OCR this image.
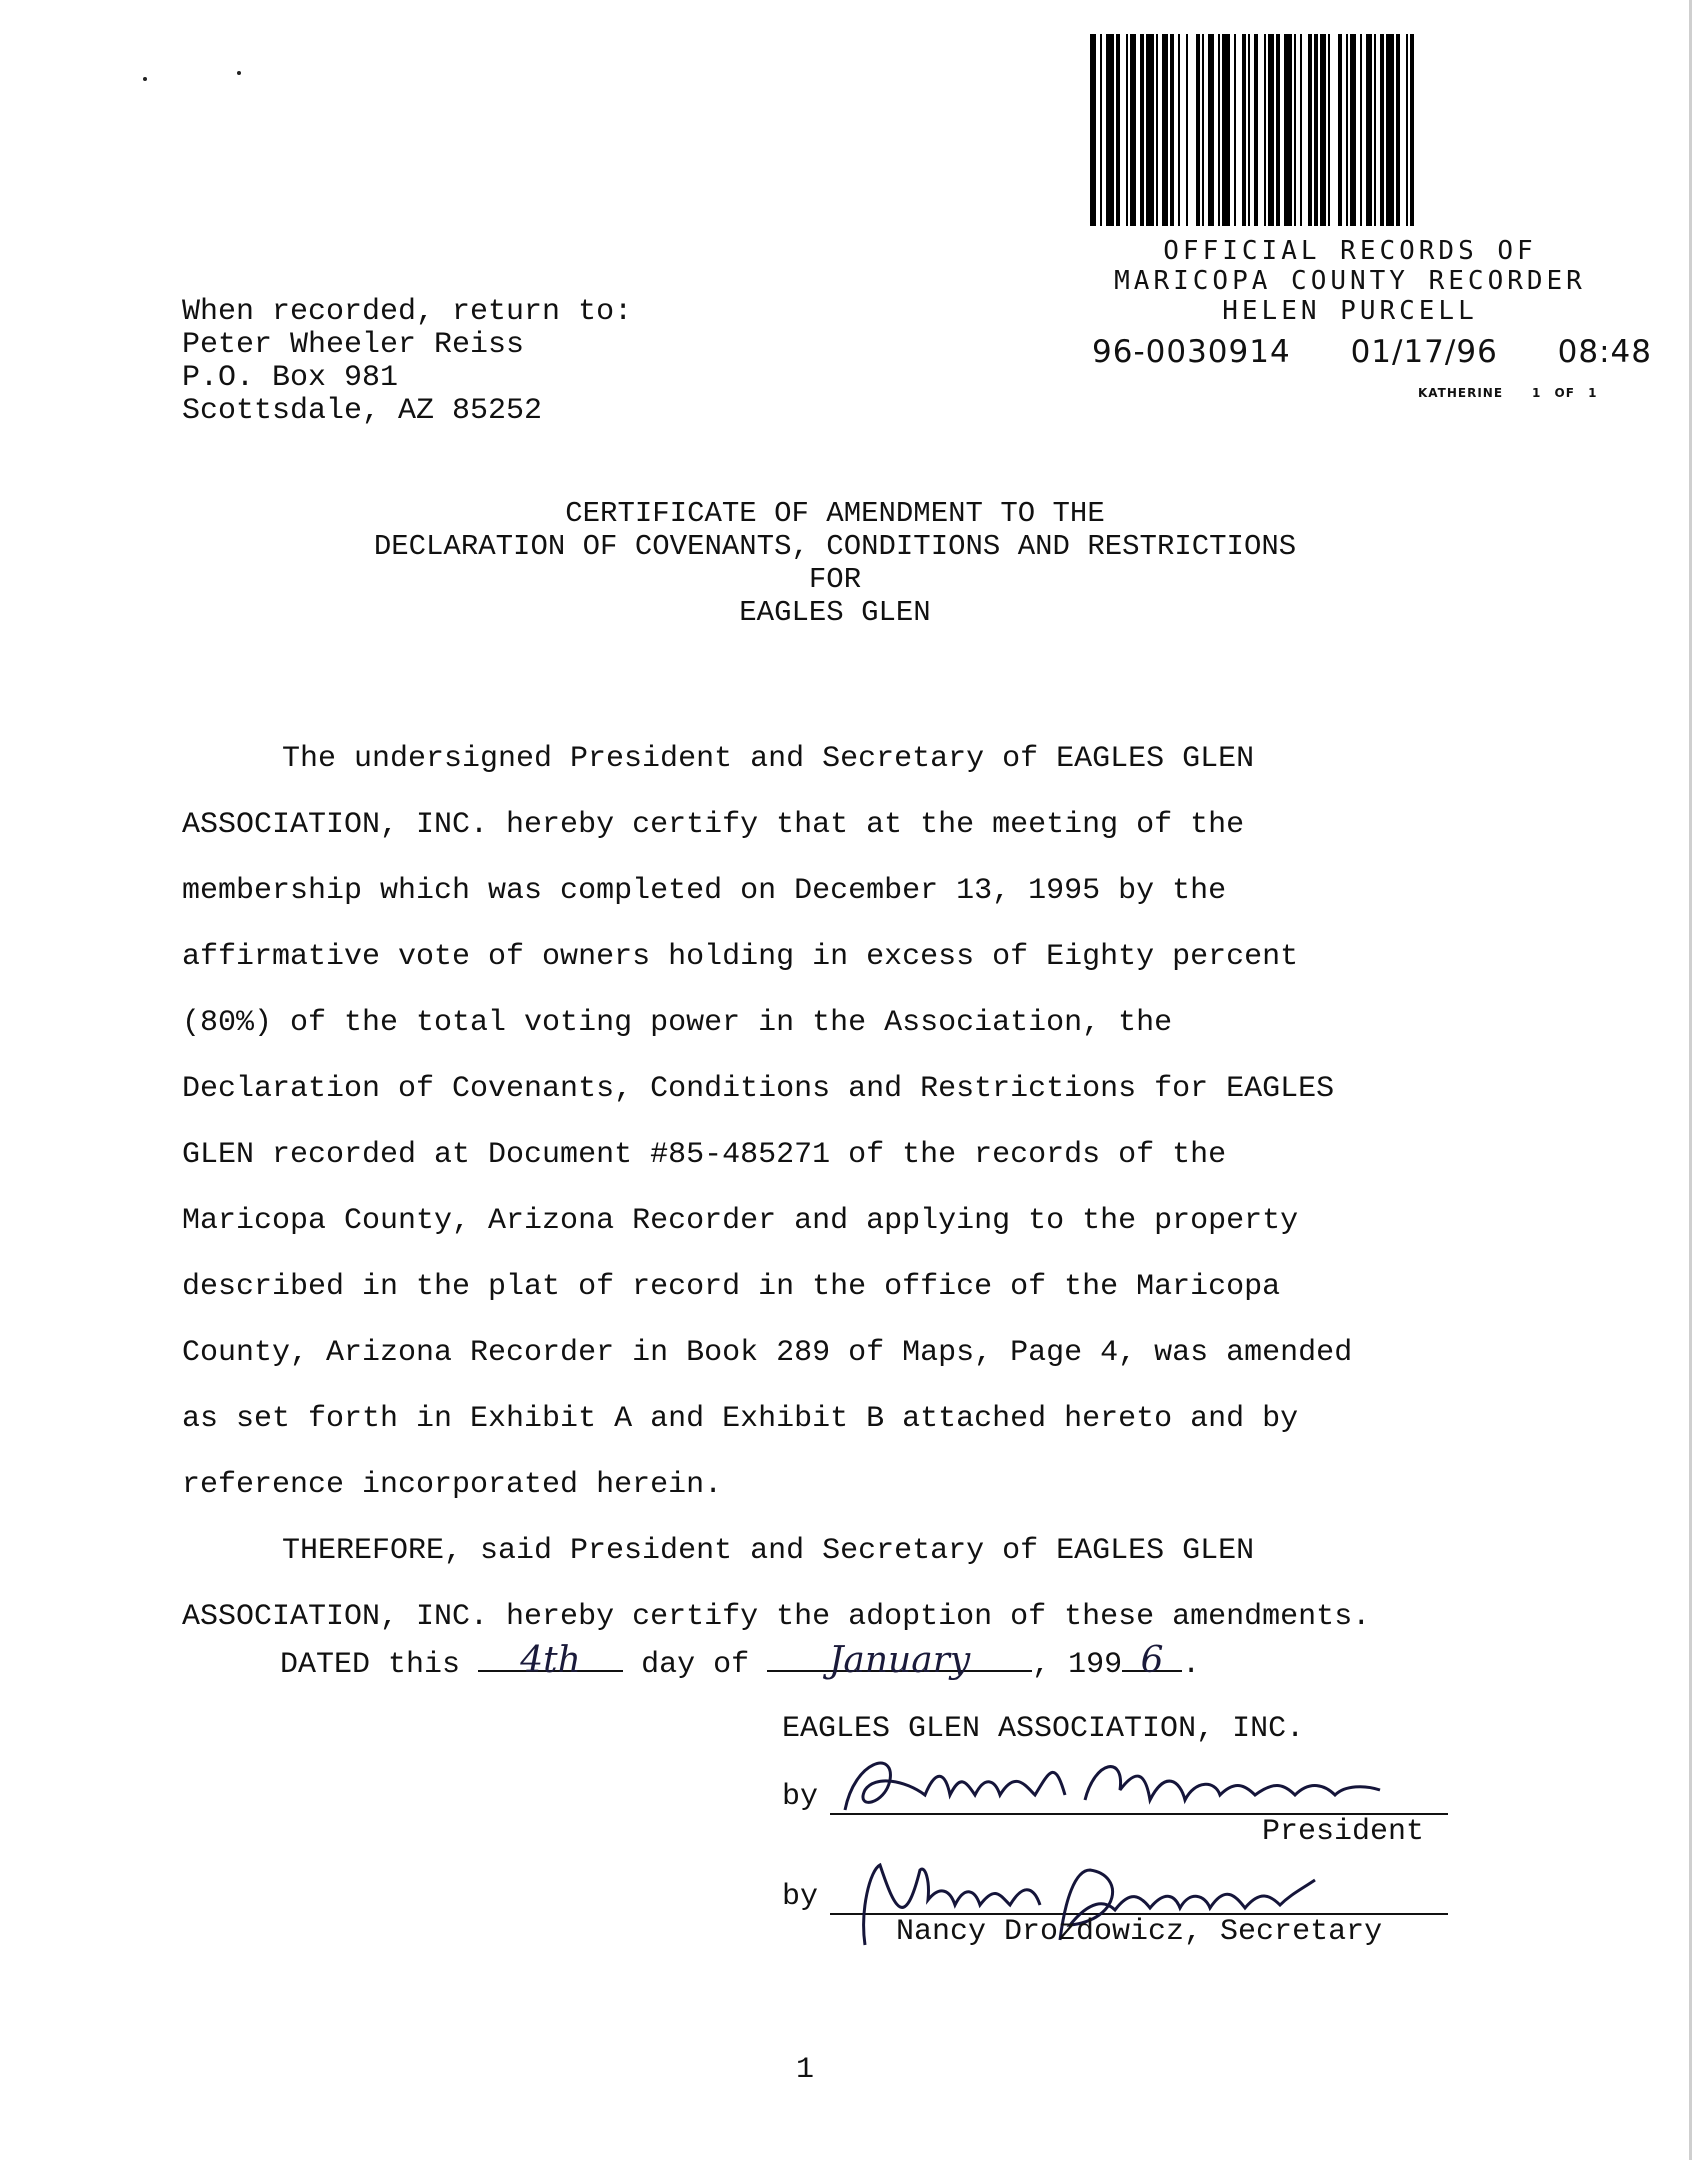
OFFICIAL RECORDS OF
MARICOPA COUNTY RECORDER
HELEN PURCELL
96-0030914 01/17/96 08:48
KATHERINE 1 OF 1
When recorded, return to:
Peter Wheeler Reiss
P.O. Box 981
Scottsdale, AZ 85252
CERTIFICATE OF AMENDMENT TO THE
DECLARATION OF COVENANTS, CONDITIONS AND RESTRICTIONS
FOR
EAGLES GLEN
The undersigned President and Secretary of EAGLES GLEN
ASSOCIATION, INC. hereby certify that at the meeting of the
membership which was completed on December 13, 1995 by the
affirmative vote of owners holding in excess of Eighty percent
(80%) of the total voting power in the Association, the
Declaration of Covenants, Conditions and Restrictions for EAGLES
GLEN recorded at Document #85-485271 of the records of the
Maricopa County, Arizona Recorder and applying to the property
described in the plat of record in the office of the Maricopa
County, Arizona Recorder in Book 289 of Maps, Page 4, was amended
as set forth in Exhibit A and Exhibit B attached hereto and by
reference incorporated herein.
THEREFORE, said President and Secretary of EAGLES GLEN
ASSOCIATION, INC. hereby certify the adoption of these amendments.
DATED this 4th day of January , 199 6 .
EAGLES GLEN ASSOCIATION, INC.
by
President
by
Nancy Drozdowicz, Secretary
1
